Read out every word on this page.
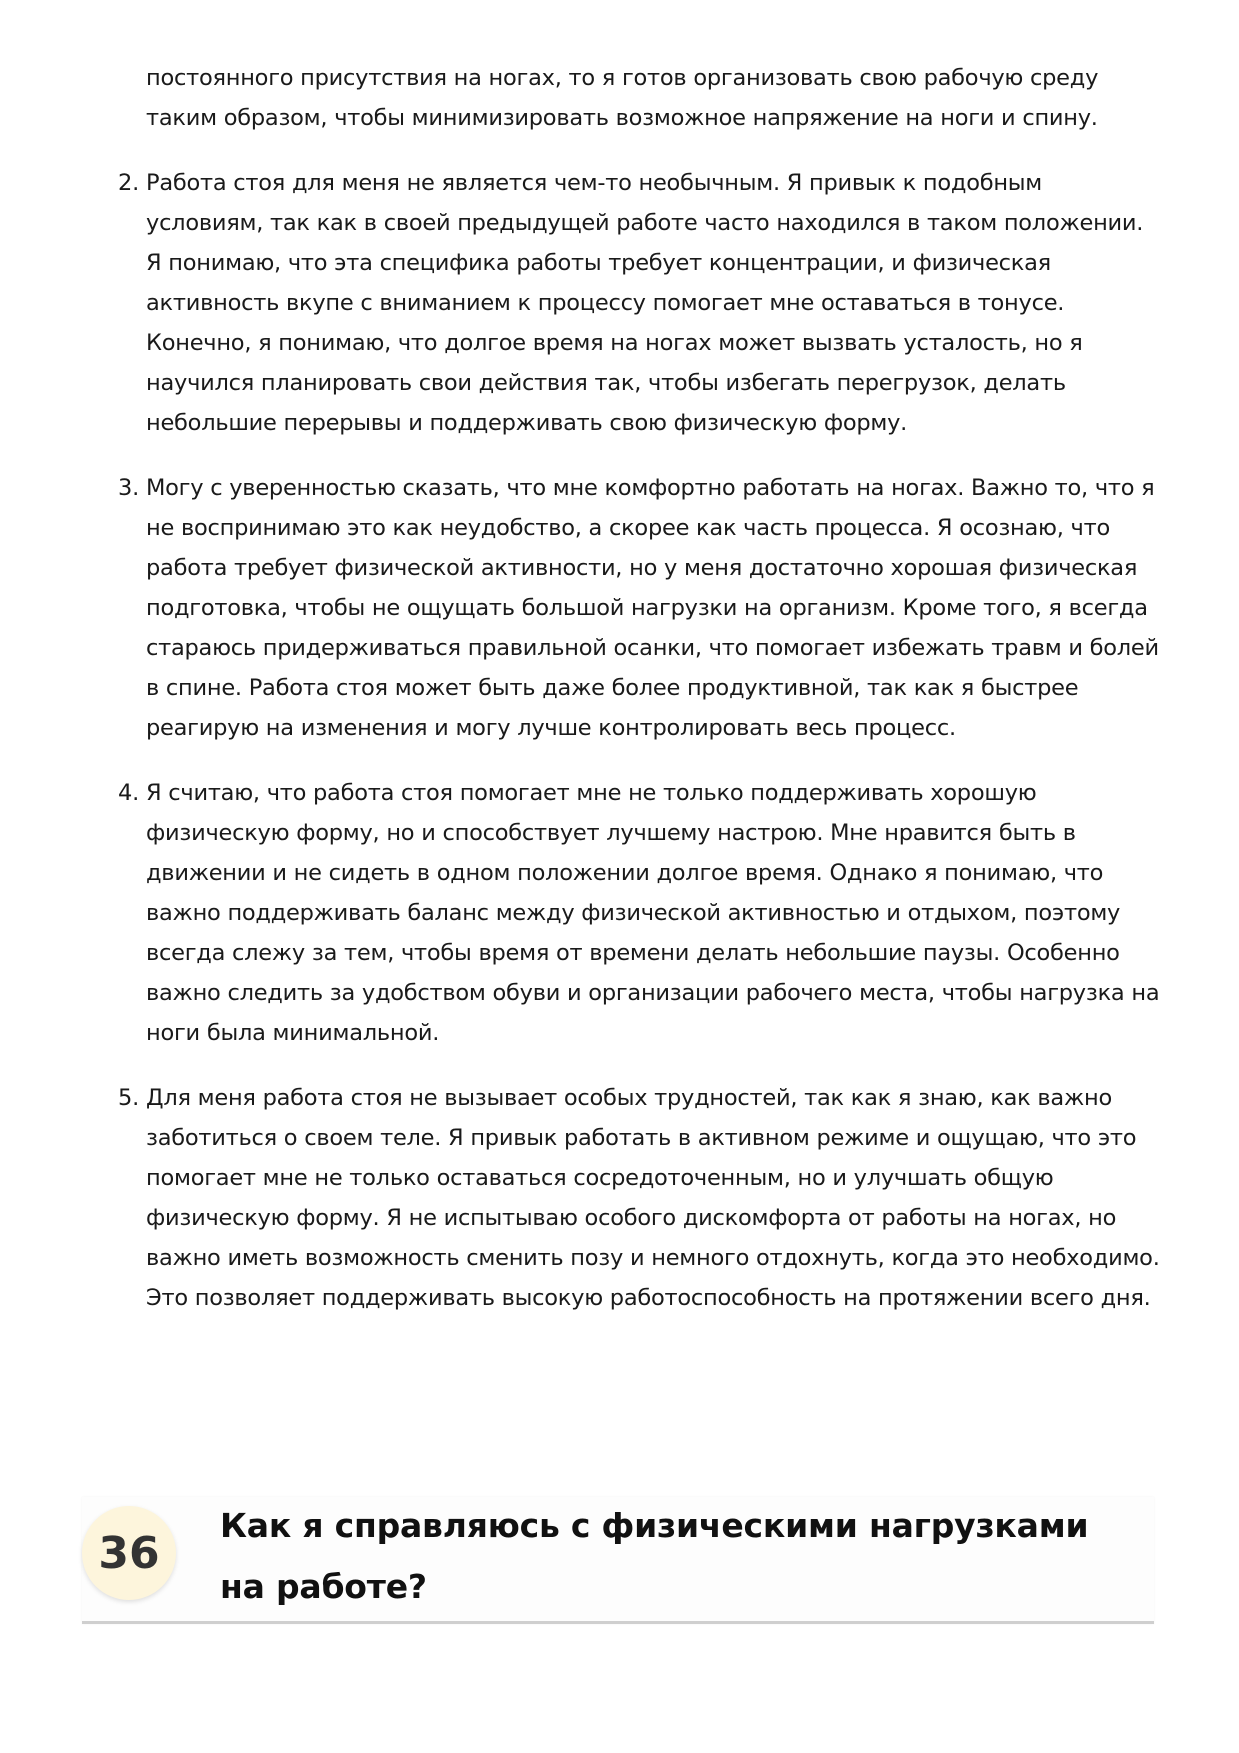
постоянного присутствия на ногах, то я готов организовать свою рабочую среду таким образом, чтобы минимизировать возможное напряжение на ноги и спину.
2. Работа стоя для меня не является чем-то необычным. Я привык к подобным условиям, так как в своей предыдущей работе часто находился в таком положении. Я понимаю, что эта специфика работы требует концентрации, и физическая активность вкупе с вниманием к процессу помогает мне оставаться в тонусе. Конечно, я понимаю, что долгое время на ногах может вызвать усталость, но я научился планировать свои действия так, чтобы избегать перегрузок, делать небольшие перерывы и поддерживать свою физическую форму.
3. Могу с уверенностью сказать, что мне комфортно работать на ногах. Важно то, что я не воспринимаю это как неудобство, а скорее как часть процесса. Я осознаю, что работа требует физической активности, но у меня достаточно хорошая физическая подготовка, чтобы не ощущать большой нагрузки на организм. Кроме того, я всегда стараюсь придерживаться правильной осанки, что помогает избежать травм и болей в спине. Работа стоя может быть даже более продуктивной, так как я быстрее реагирую на изменения и могу лучше контролировать весь процесс.
4. Я считаю, что работа стоя помогает мне не только поддерживать хорошую физическую форму, но и способствует лучшему настрою. Мне нравится быть в движении и не сидеть в одном положении долгое время. Однако я понимаю, что важно поддерживать баланс между физической активностью и отдыхом, поэтому всегда слежу за тем, чтобы время от времени делать небольшие паузы. Особенно важно следить за удобством обуви и организации рабочего места, чтобы нагрузка на ноги была минимальной.
5. Для меня работа стоя не вызывает особых трудностей, так как я знаю, как важно заботиться о своем теле. Я привык работать в активном режиме и ощущаю, что это помогает мне не только оставаться сосредоточенным, но и улучшать общую физическую форму. Я не испытываю особого дискомфорта от работы на ногах, но важно иметь возможность сменить позу и немного отдохнуть, когда это необходимо. Это позволяет поддерживать высокую работоспособность на протяжении всего дня.
36
Как я справляюсь с физическими нагрузками на работе?
